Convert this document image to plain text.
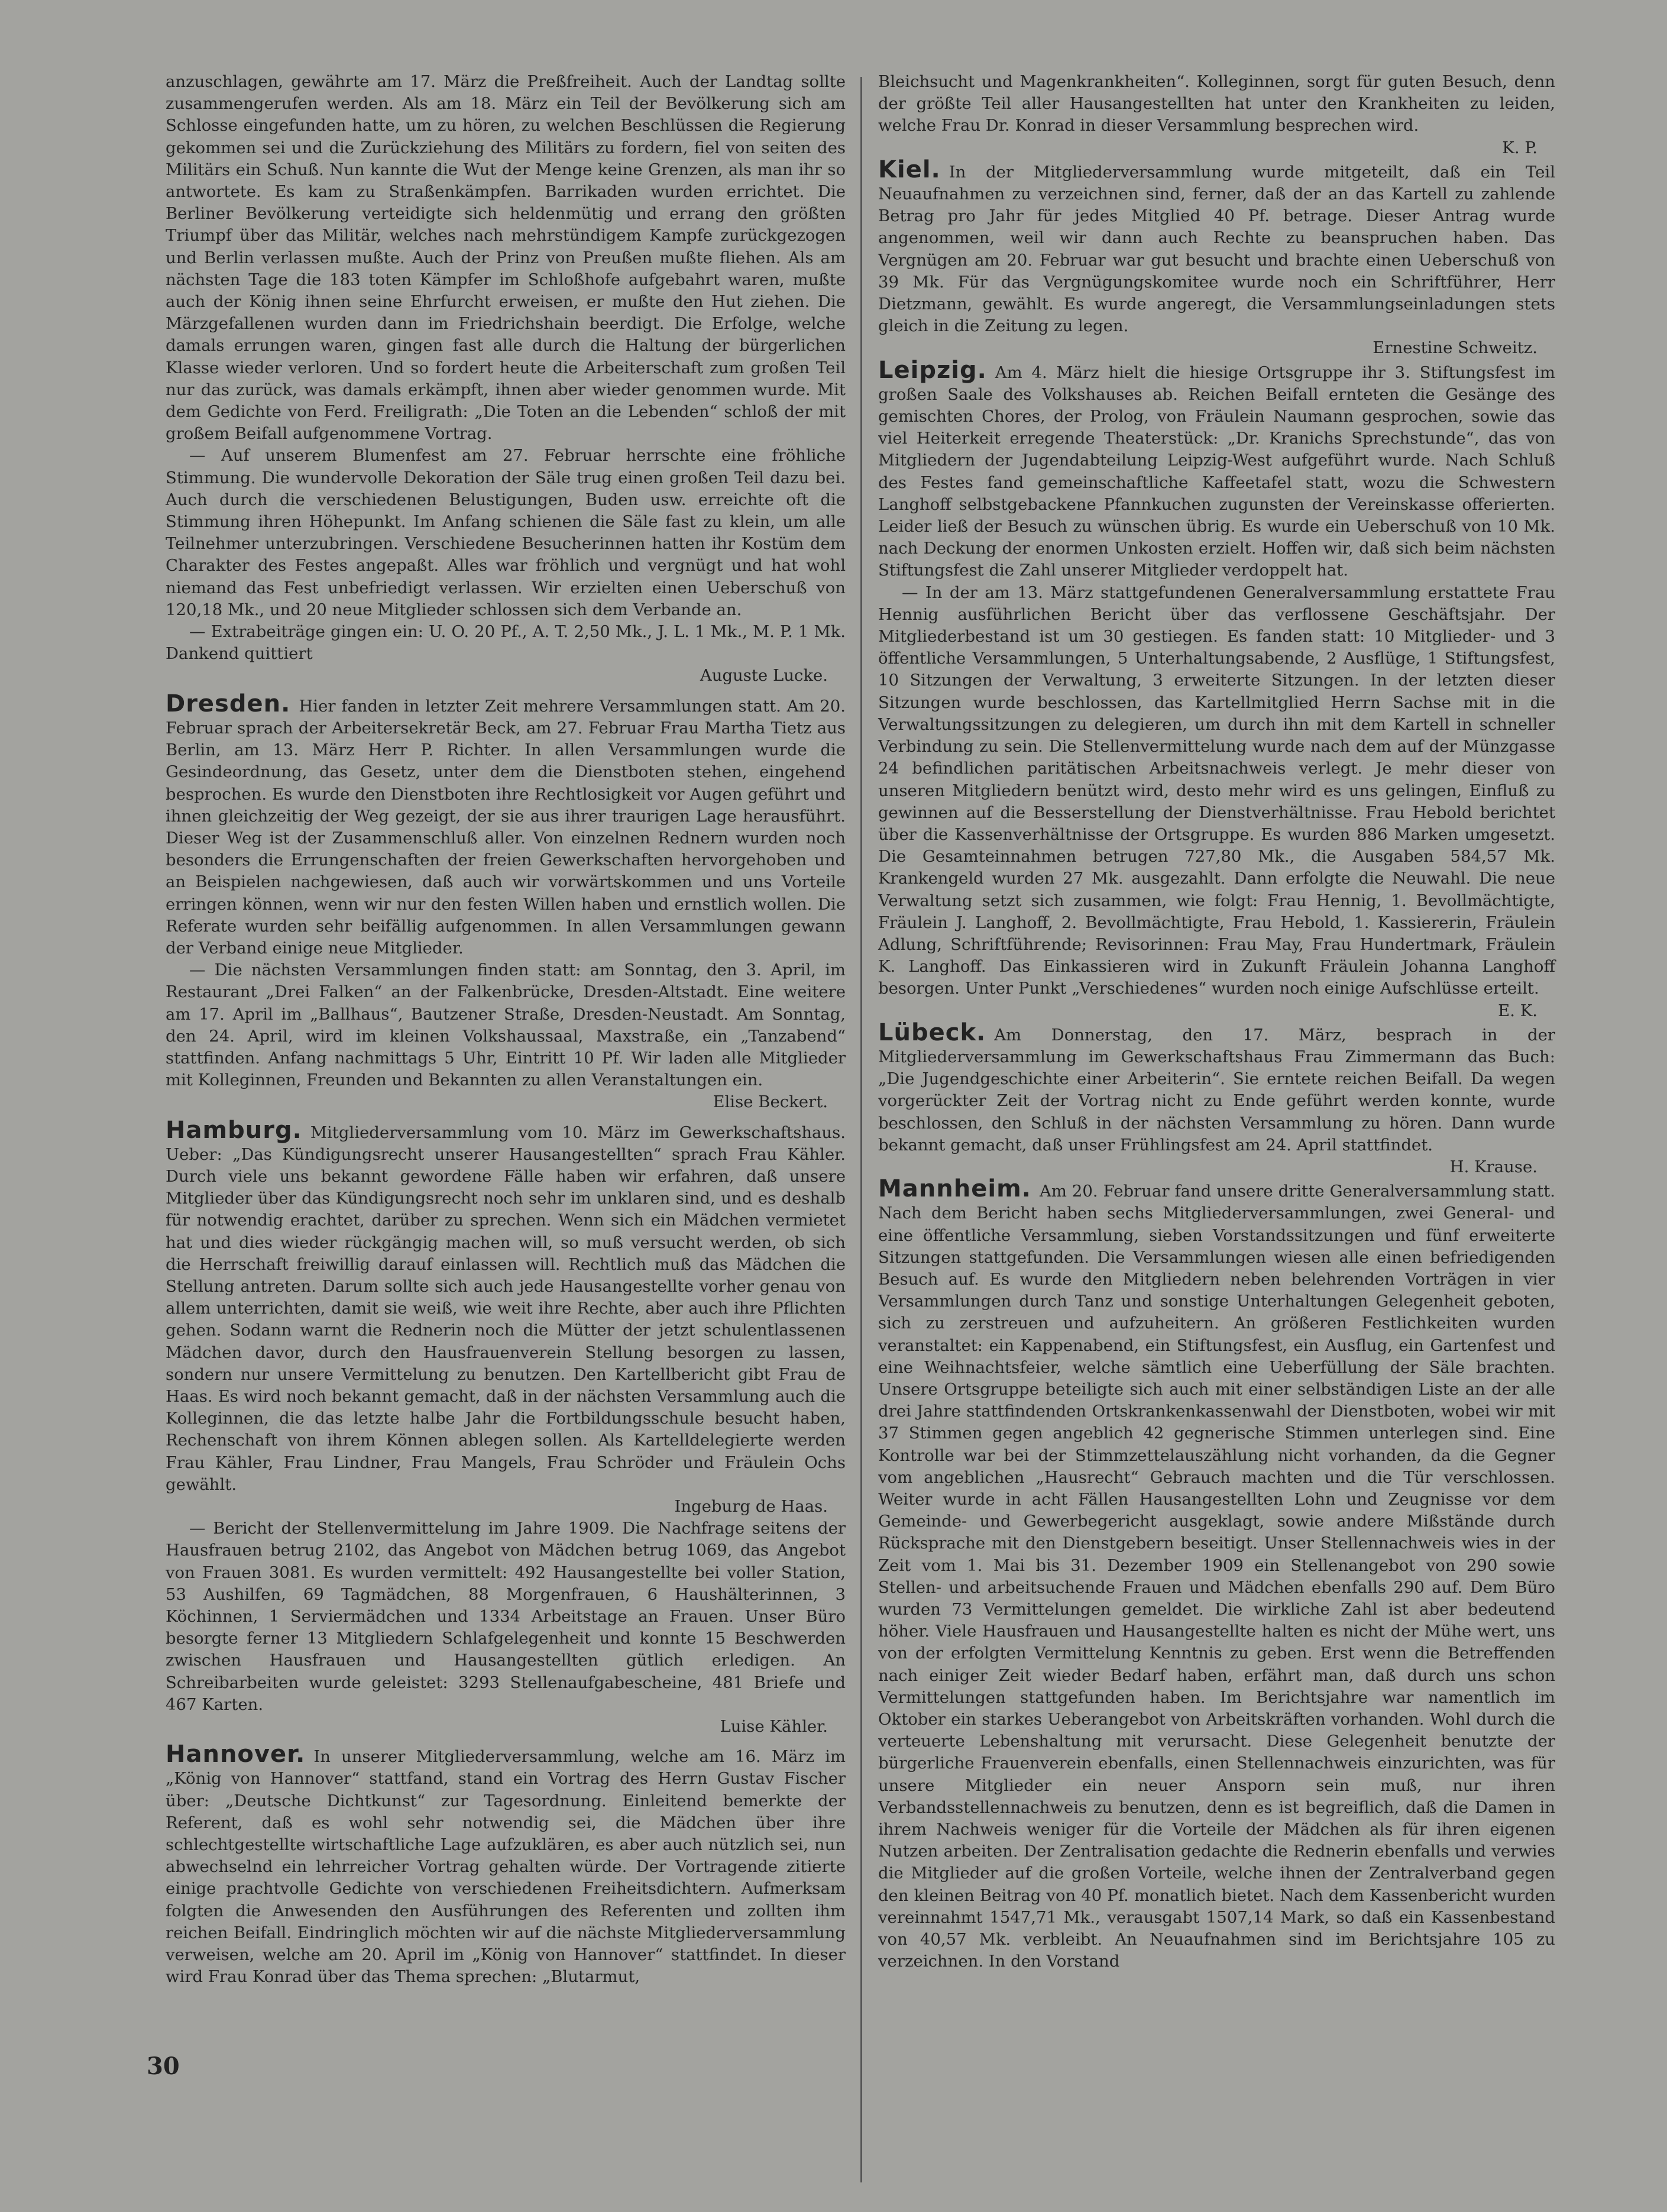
anzuschlagen, gewährte am 17. März die Preßfreiheit. Auch der Landtag sollte zusammengerufen werden. Als am 18. März ein Teil der Bevölkerung sich am Schlosse eingefunden hatte, um zu hören, zu welchen Beschlüssen die Regierung gekommen sei und die Zurückziehung des Militärs zu fordern, fiel von seiten des Militärs ein Schuß. Nun kannte die Wut der Menge keine Grenzen, als man ihr so antwortete. Es kam zu Straßenkämpfen. Barrikaden wurden errichtet. Die Berliner Bevölkerung verteidigte sich heldenmütig und errang den größten Triumpf über das Militär, welches nach mehrstündigem Kampfe zurückgezogen und Berlin verlassen mußte. Auch der Prinz von Preußen mußte fliehen. Als am nächsten Tage die 183 toten Kämpfer im Schloßhofe aufgebahrt waren, mußte auch der König ihnen seine Ehrfurcht erweisen, er mußte den Hut ziehen. Die Märzgefallenen wurden dann im Friedrichshain beerdigt. Die Erfolge, welche damals errungen waren, gingen fast alle durch die Haltung der bürgerlichen Klasse wieder verloren. Und so fordert heute die Arbeiterschaft zum großen Teil nur das zurück, was damals erkämpft, ihnen aber wieder genommen wurde. Mit dem Gedichte von Ferd. Freiligrath: „Die Toten an die Lebenden“ schloß der mit großem Beifall aufgenommene Vortrag.

— Auf unserem Blumenfest am 27. Februar herrschte eine fröhliche Stimmung. Die wundervolle Dekoration der Säle trug einen großen Teil dazu bei. Auch durch die verschiedenen Belustigungen, Buden usw. erreichte oft die Stimmung ihren Höhepunkt. Im Anfang schienen die Säle fast zu klein, um alle Teilnehmer unterzubringen. Verschiedene Besucherinnen hatten ihr Kostüm dem Charakter des Festes angepaßt. Alles war fröhlich und vergnügt und hat wohl niemand das Fest unbefriedigt verlassen. Wir erzielten einen Ueberschuß von 120,18 Mk., und 20 neue Mitglieder schlossen sich dem Verbande an.

— Extrabeiträge gingen ein: U. O. 20 Pf., A. T. 2,50 Mk., J. L. 1 Mk., M. P. 1 Mk. Dankend quittiert

Auguste Lucke.

Dresden. Hier fanden in letzter Zeit mehrere Versammlungen statt. Am 20. Februar sprach der Arbeitersekretär Beck, am 27. Februar Frau Martha Tietz aus Berlin, am 13. März Herr P. Richter. In allen Versammlungen wurde die Gesindeordnung, das Gesetz, unter dem die Dienstboten stehen, eingehend besprochen. Es wurde den Dienstboten ihre Rechtlosigkeit vor Augen geführt und ihnen gleichzeitig der Weg gezeigt, der sie aus ihrer traurigen Lage herausführt. Dieser Weg ist der Zusammenschluß aller. Von einzelnen Rednern wurden noch besonders die Errungenschaften der freien Gewerkschaften hervorgehoben und an Beispielen nachgewiesen, daß auch wir vorwärtskommen und uns Vorteile erringen können, wenn wir nur den festen Willen haben und ernstlich wollen. Die Referate wurden sehr beifällig aufgenommen. In allen Versammlungen gewann der Verband einige neue Mitglieder.

— Die nächsten Versammlungen finden statt: am Sonntag, den 3. April, im Restaurant „Drei Falken“ an der Falkenbrücke, Dresden-Altstadt. Eine weitere am 17. April im „Ballhaus“, Bautzener Straße, Dresden-Neustadt. Am Sonntag, den 24. April, wird im kleinen Volkshaussaal, Maxstraße, ein „Tanzabend“ stattfinden. Anfang nachmittags 5 Uhr, Eintritt 10 Pf. Wir laden alle Mitglieder mit Kolleginnen, Freunden und Bekannten zu allen Veranstaltungen ein.

Elise Beckert.

Hamburg. Mitgliederversammlung vom 10. März im Gewerkschaftshaus. Ueber: „Das Kündigungsrecht unserer Hausangestellten“ sprach Frau Kähler. Durch viele uns bekannt gewordene Fälle haben wir erfahren, daß unsere Mitglieder über das Kündigungsrecht noch sehr im unklaren sind, und es deshalb für notwendig erachtet, darüber zu sprechen. Wenn sich ein Mädchen vermietet hat und dies wieder rückgängig machen will, so muß versucht werden, ob sich die Herrschaft freiwillig darauf einlassen will. Rechtlich muß das Mädchen die Stellung antreten. Darum sollte sich auch jede Hausangestellte vorher genau von allem unterrichten, damit sie weiß, wie weit ihre Rechte, aber auch ihre Pflichten gehen. Sodann warnt die Rednerin noch die Mütter der jetzt schulentlassenen Mädchen davor, durch den Hausfrauenverein Stellung besorgen zu lassen, sondern nur unsere Vermittelung zu benutzen. Den Kartellbericht gibt Frau de Haas. Es wird noch bekannt gemacht, daß in der nächsten Versammlung auch die Kolleginnen, die das letzte halbe Jahr die Fortbildungsschule besucht haben, Rechenschaft von ihrem Können ablegen sollen. Als Kartelldelegierte werden Frau Kähler, Frau Lindner, Frau Mangels, Frau Schröder und Fräulein Ochs gewählt.

Ingeburg de Haas.

— Bericht der Stellenvermittelung im Jahre 1909. Die Nachfrage seitens der Hausfrauen betrug 2102, das Angebot von Mädchen betrug 1069, das Angebot von Frauen 3081. Es wurden vermittelt: 492 Hausangestellte bei voller Station, 53 Aushilfen, 69 Tagmädchen, 88 Morgenfrauen, 6 Haushälterinnen, 3 Köchinnen, 1 Serviermädchen und 1334 Arbeitstage an Frauen. Unser Büro besorgte ferner 13 Mitgliedern Schlafgelegenheit und konnte 15 Beschwerden zwischen Hausfrauen und Hausangestellten gütlich erledigen. An Schreibarbeiten wurde geleistet: 3293 Stellenaufgabescheine, 481 Briefe und 467 Karten.

Luise Kähler.

Hannover. In unserer Mitgliederversammlung, welche am 16. März im „König von Hannover“ stattfand, stand ein Vortrag des Herrn Gustav Fischer über: „Deutsche Dichtkunst“ zur Tagesordnung. Einleitend bemerkte der Referent, daß es wohl sehr notwendig sei, die Mädchen über ihre schlechtgestellte wirtschaftliche Lage aufzuklären, es aber auch nützlich sei, nun abwechselnd ein lehrreicher Vortrag gehalten würde. Der Vortragende zitierte einige prachtvolle Gedichte von verschiedenen Freiheitsdichtern. Aufmerksam folgten die Anwesenden den Ausführungen des Referenten und zollten ihm reichen Beifall. Eindringlich möchten wir auf die nächste Mitgliederversammlung verweisen, welche am 20. April im „König von Hannover“ stattfindet. In dieser wird Frau Konrad über das Thema sprechen: „Blutarmut,

Bleichsucht und Magenkrankheiten“. Kolleginnen, sorgt für guten Besuch, denn der größte Teil aller Hausangestellten hat unter den Krankheiten zu leiden, welche Frau Dr. Konrad in dieser Versammlung besprechen wird.

K. P.

Kiel. In der Mitgliederversammlung wurde mitgeteilt, daß ein Teil Neuaufnahmen zu verzeichnen sind, ferner, daß der an das Kartell zu zahlende Betrag pro Jahr für jedes Mitglied 40 Pf. betrage. Dieser Antrag wurde angenommen, weil wir dann auch Rechte zu beanspruchen haben. Das Vergnügen am 20. Februar war gut besucht und brachte einen Ueberschuß von 39 Mk. Für das Vergnügungskomitee wurde noch ein Schriftführer, Herr Dietzmann, gewählt. Es wurde angeregt, die Versammlungseinladungen stets gleich in die Zeitung zu legen.

Ernestine Schweitz.

Leipzig. Am 4. März hielt die hiesige Ortsgruppe ihr 3. Stiftungsfest im großen Saale des Volkshauses ab. Reichen Beifall ernteten die Gesänge des gemischten Chores, der Prolog, von Fräulein Naumann gesprochen, sowie das viel Heiterkeit erregende Theaterstück: „Dr. Kranichs Sprechstunde“, das von Mitgliedern der Jugendabteilung Leipzig-West aufgeführt wurde. Nach Schluß des Festes fand gemeinschaftliche Kaffeetafel statt, wozu die Schwestern Langhoff selbstgebackene Pfannkuchen zugunsten der Vereinskasse offerierten. Leider ließ der Besuch zu wünschen übrig. Es wurde ein Ueberschuß von 10 Mk. nach Deckung der enormen Unkosten erzielt. Hoffen wir, daß sich beim nächsten Stiftungsfest die Zahl unserer Mitglieder verdoppelt hat.

— In der am 13. März stattgefundenen Generalversammlung erstattete Frau Hennig ausführlichen Bericht über das verflossene Geschäftsjahr. Der Mitgliederbestand ist um 30 gestiegen. Es fanden statt: 10 Mitglieder- und 3 öffentliche Versammlungen, 5 Unterhaltungsabende, 2 Ausflüge, 1 Stiftungsfest, 10 Sitzungen der Verwaltung, 3 erweiterte Sitzungen. In der letzten dieser Sitzungen wurde beschlossen, das Kartellmitglied Herrn Sachse mit in die Verwaltungssitzungen zu delegieren, um durch ihn mit dem Kartell in schneller Verbindung zu sein. Die Stellenvermittelung wurde nach dem auf der Münzgasse 24 befindlichen paritätischen Arbeitsnachweis verlegt. Je mehr dieser von unseren Mitgliedern benützt wird, desto mehr wird es uns gelingen, Einfluß zu gewinnen auf die Besserstellung der Dienstverhältnisse. Frau Hebold berichtet über die Kassenverhältnisse der Ortsgruppe. Es wurden 886 Marken umgesetzt. Die Gesamteinnahmen betrugen 727,80 Mk., die Ausgaben 584,57 Mk. Krankengeld wurden 27 Mk. ausgezahlt. Dann erfolgte die Neuwahl. Die neue Verwaltung setzt sich zusammen, wie folgt: Frau Hennig, 1. Bevollmächtigte, Fräulein J. Langhoff, 2. Bevollmächtigte, Frau Hebold, 1. Kassiererin, Fräulein Adlung, Schriftführende; Revisorinnen: Frau May, Frau Hundertmark, Fräulein K. Langhoff. Das Einkassieren wird in Zukunft Fräulein Johanna Langhoff besorgen. Unter Punkt „Verschiedenes“ wurden noch einige Aufschlüsse erteilt.

E. K.

Lübeck. Am Donnerstag, den 17. März, besprach in der Mitgliederversammlung im Gewerkschaftshaus Frau Zimmermann das Buch: „Die Jugendgeschichte einer Arbeiterin“. Sie erntete reichen Beifall. Da wegen vorgerückter Zeit der Vortrag nicht zu Ende geführt werden konnte, wurde beschlossen, den Schluß in der nächsten Versammlung zu hören. Dann wurde bekannt gemacht, daß unser Frühlingsfest am 24. April stattfindet.

H. Krause.

Mannheim. Am 20. Februar fand unsere dritte Generalversammlung statt. Nach dem Bericht haben sechs Mitgliederversammlungen, zwei General- und eine öffentliche Versammlung, sieben Vorstandssitzungen und fünf erweiterte Sitzungen stattgefunden. Die Versammlungen wiesen alle einen befriedigenden Besuch auf. Es wurde den Mitgliedern neben belehrenden Vorträgen in vier Versammlungen durch Tanz und sonstige Unterhaltungen Gelegenheit geboten, sich zu zerstreuen und aufzuheitern. An größeren Festlichkeiten wurden veranstaltet: ein Kappenabend, ein Stiftungsfest, ein Ausflug, ein Gartenfest und eine Weihnachtsfeier, welche sämtlich eine Ueberfüllung der Säle brachten. Unsere Ortsgruppe beteiligte sich auch mit einer selbständigen Liste an der alle drei Jahre stattfindenden Ortskrankenkassenwahl der Dienstboten, wobei wir mit 37 Stimmen gegen angeblich 42 gegnerische Stimmen unterlegen sind. Eine Kontrolle war bei der Stimmzettelauszählung nicht vorhanden, da die Gegner vom angeblichen „Hausrecht“ Gebrauch machten und die Tür verschlossen. Weiter wurde in acht Fällen Hausangestellten Lohn und Zeugnisse vor dem Gemeinde- und Gewerbegericht ausgeklagt, sowie andere Mißstände durch Rücksprache mit den Dienstgebern beseitigt. Unser Stellennachweis wies in der Zeit vom 1. Mai bis 31. Dezember 1909 ein Stellenangebot von 290 sowie Stellen- und arbeitsuchende Frauen und Mädchen ebenfalls 290 auf. Dem Büro wurden 73 Vermittelungen gemeldet. Die wirkliche Zahl ist aber bedeutend höher. Viele Hausfrauen und Hausangestellte halten es nicht der Mühe wert, uns von der erfolgten Vermittelung Kenntnis zu geben. Erst wenn die Betreffenden nach einiger Zeit wieder Bedarf haben, erfährt man, daß durch uns schon Vermittelungen stattgefunden haben. Im Berichtsjahre war namentlich im Oktober ein starkes Ueberangebot von Arbeitskräften vorhanden. Wohl durch die verteuerte Lebenshaltung mit verursacht. Diese Gelegenheit benutzte der bürgerliche Frauenverein ebenfalls, einen Stellennachweis einzurichten, was für unsere Mitglieder ein neuer Ansporn sein muß, nur ihren Verbandsstellennachweis zu benutzen, denn es ist begreiflich, daß die Damen in ihrem Nachweis weniger für die Vorteile der Mädchen als für ihren eigenen Nutzen arbeiten. Der Zentralisation gedachte die Rednerin ebenfalls und verwies die Mitglieder auf die großen Vorteile, welche ihnen der Zentralverband gegen den kleinen Beitrag von 40 Pf. monatlich bietet. Nach dem Kassenbericht wurden vereinnahmt 1547,71 Mk., verausgabt 1507,14 Mark, so daß ein Kassenbestand von 40,57 Mk. verbleibt. An Neuaufnahmen sind im Berichtsjahre 105 zu verzeichnen. In den Vorstand

30
